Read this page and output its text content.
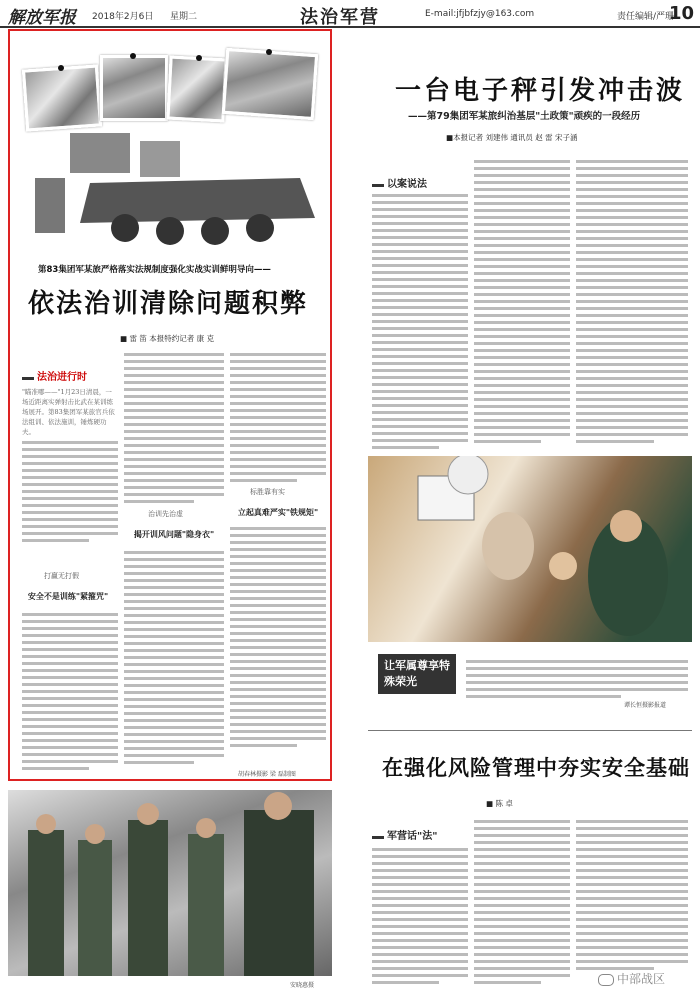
解放军报 2018年2月6日 星期二	法治军营	E-mail:jfjbfzjy@163.com	责任编辑/严珊
10
第83集团军某旅严格落实法规制度强化实战实训鲜明导向——
依法治训清除问题积弊
■ 雷 笛 本报特约记者 康 克
法治进行时
"瞄准哪——"1月23日清晨，一场近距离实弹射击比武在某训练场展开。第83集团军某旅官兵依法组训、依法施训，锤炼硬功夫。
打赢无打假
安全不是训练"紧箍咒"
治训先治虚
揭开训风问题"隐身衣"
标胜靠有实
立起真难严实"铁规矩"
胡春林摄影 梁 磊制图
一台电子秤引发冲击波
——第79集团军某旅纠治基层"土政策"顽疾的一段经历
■本报记者 刘建伟 通讯员 赵 雷 宋子涵
以案说法
让军属尊享特殊荣光
谭长恒摄影报道
在强化风险管理中夯实安全基础
■ 陈 卓
军营话"法"
中部战区
安晓惠摄
